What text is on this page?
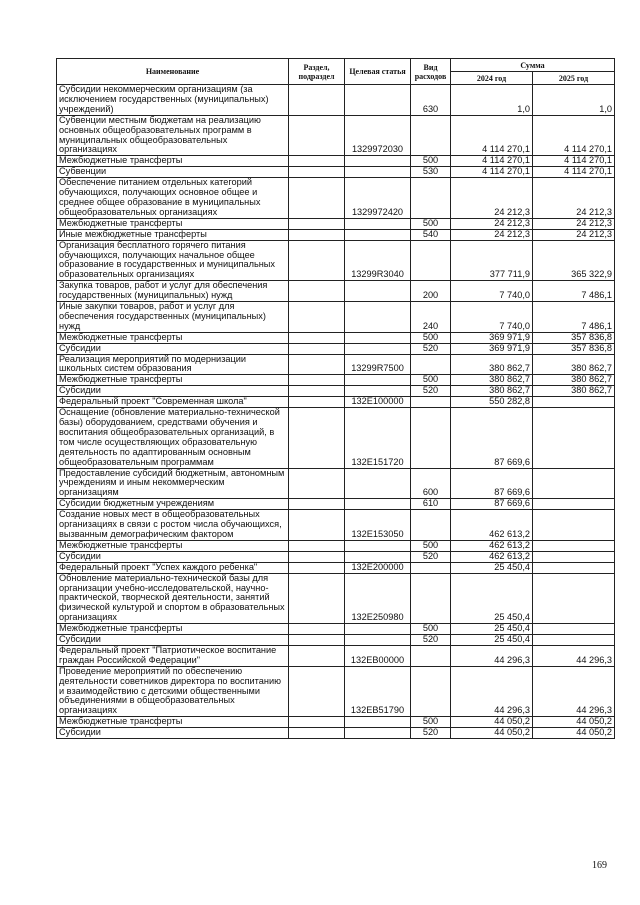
Наименование	Раздел, подраздел	Целевая статья	Вид расходов	Сумма	
				2024 год	2025 год
Субсидии некоммерческим организациям (за исключением государственных (муниципальных) учреждений)			630	1,0	1,0
Субвенции местным бюджетам на реализацию основных общеобразовательных программ в муниципальных общеобразовательных организациях		1329972030		4 114 270,1	4 114 270,1
Межбюджетные трансферты			500	4 114 270,1	4 114 270,1
Субвенции			530	4 114 270,1	4 114 270,1
Обеспечение питанием отдельных категорий обучающихся, получающих основное общее и среднее общее образование в муниципальных общеобразовательных организациях		1329972420		24 212,3	24 212,3
Межбюджетные трансферты			500	24 212,3	24 212,3
Иные межбюджетные трансферты			540	24 212,3	24 212,3
Организация бесплатного горячего питания обучающихся, получающих начальное общее образование в государственных и муниципальных образовательных организациях		13299R3040		377 711,9	365 322,9
Закупка товаров, работ и услуг для обеспечения государственных (муниципальных) нужд			200	7 740,0	7 486,1
Иные закупки товаров, работ и услуг для обеспечения государственных (муниципальных) нужд			240	7 740,0	7 486,1
Межбюджетные трансферты			500	369 971,9	357 836,8
Субсидии			520	369 971,9	357 836,8
Реализация мероприятий по модернизации школьных систем образования		13299R7500		380 862,7	380 862,7
Межбюджетные трансферты			500	380 862,7	380 862,7
Субсидии			520	380 862,7	380 862,7
Федеральный проект "Современная школа"		132E100000		550 282,8	
Оснащение (обновление материально-технической базы) оборудованием, средствами обучения и воспитания общеобразовательных организаций, в том числе осуществляющих образовательную деятельность по адаптированным основным общеобразовательным программам		132E151720		87 669,6	
Предоставление субсидий бюджетным, автономным учреждениям и иным некоммерческим организациям			600	87 669,6	
Субсидии бюджетным учреждениям			610	87 669,6	
Создание новых мест в общеобразовательных организациях в связи с ростом числа обучающихся, вызванным демографическим фактором		132E153050		462 613,2	
Межбюджетные трансферты			500	462 613,2	
Субсидии			520	462 613,2	
Федеральный проект "Успех каждого ребенка"		132E200000		25 450,4	
Обновление материально-технической базы для организации учебно-исследовательской, научно-практической, творческой деятельности, занятий физической культурой и спортом в образовательных организациях		132E250980		25 450,4	
Межбюджетные трансферты			500	25 450,4	
Субсидии			520	25 450,4	
Федеральный проект "Патриотическое воспитание граждан Российской Федерации"		132EB00000		44 296,3	44 296,3
Проведение мероприятий по обеспечению деятельности советников директора по воспитанию и взаимодействию с детскими общественными объединениями в общеобразовательных организациях		132EB51790		44 296,3	44 296,3
Межбюджетные трансферты			500	44 050,2	44 050,2
Субсидии			520	44 050,2	44 050,2
169
